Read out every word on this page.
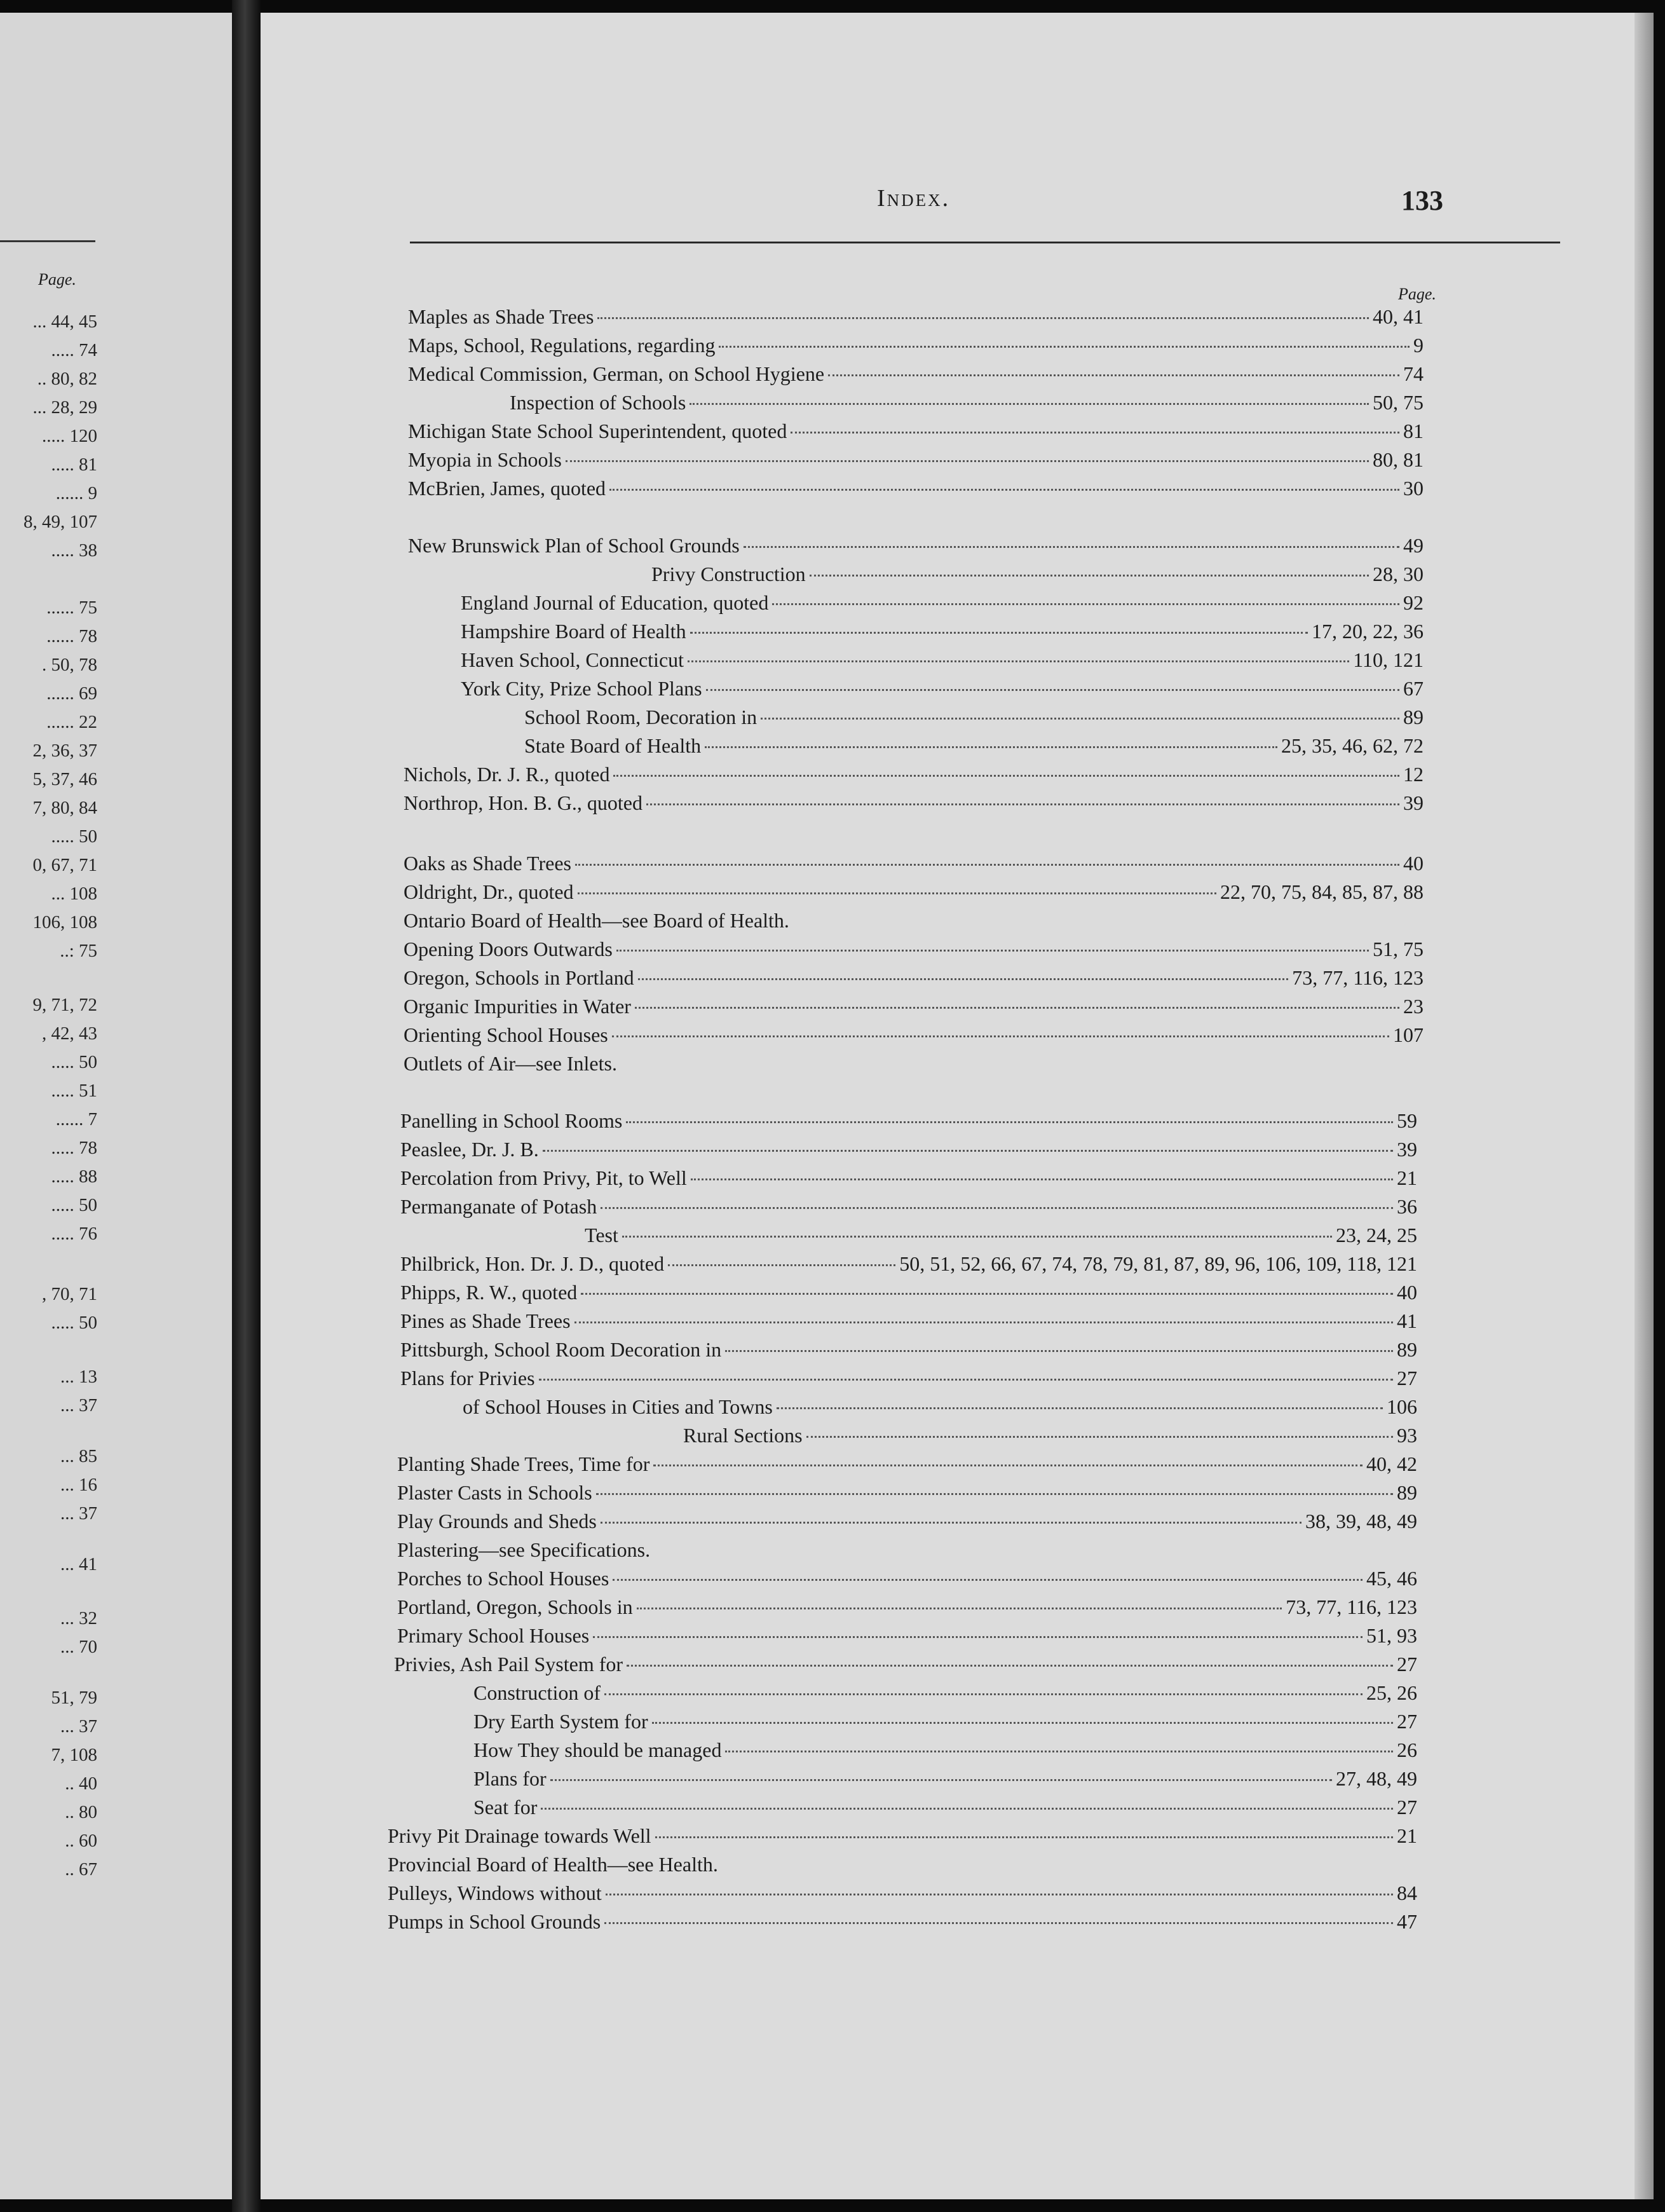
Page.
... 44, 45
..... 74
.. 80, 82
... 28, 29
..... 120
..... 81
...... 9
8, 49, 107
..... 38
...... 75
...... 78
. 50, 78
...... 69
...... 22
2, 36, 37
5, 37, 46
7, 80, 84
..... 50
0, 67, 71
... 108
106, 108
..: 75
9, 71, 72
, 42, 43
..... 50
..... 51
...... 7
..... 78
..... 88
..... 50
..... 76
, 70, 71
..... 50
... 13
... 37
... 85
... 16
... 37
... 41
... 32
... 70
51, 79
... 37
7, 108
.. 40
.. 80
.. 60
.. 67
Index.	133
Page.
Maples as Shade Trees	40, 41
Maps, School, Regulations, regarding	9
Medical Commission, German, on School Hygiene	74
Inspection of Schools	50, 75
Michigan State School Superintendent, quoted	81
Myopia in Schools	80, 81
McBrien, James, quoted	30
New Brunswick Plan of School Grounds	49
Privy Construction	28, 30
England Journal of Education, quoted	92
Hampshire Board of Health	17, 20, 22, 36
Haven School, Connecticut	110, 121
York City, Prize School Plans	67
School Room, Decoration in	89
State Board of Health	25, 35, 46, 62, 72
Nichols, Dr. J. R., quoted	12
Northrop, Hon. B. G., quoted	39
Oaks as Shade Trees	40
Oldright, Dr., quoted	22, 70, 75, 84, 85, 87, 88
Ontario Board of Health—see Board of Health.
Opening Doors Outwards	51, 75
Oregon, Schools in Portland	73, 77, 116, 123
Organic Impurities in Water	23
Orienting School Houses	107
Outlets of Air—see Inlets.
Panelling in School Rooms	59
Peaslee, Dr. J. B.	39
Percolation from Privy, Pit, to Well	21
Permanganate of Potash	36
Test	23, 24, 25
Philbrick, Hon. Dr. J. D., quoted	50, 51, 52, 66, 67, 74, 78, 79, 81, 87, 89, 96, 106, 109, 118, 121
Phipps, R. W., quoted	40
Pines as Shade Trees	41
Pittsburgh, School Room Decoration in	89
Plans for Privies	27
of School Houses in Cities and Towns	106
Rural Sections	93
Planting Shade Trees, Time for	40, 42
Plaster Casts in Schools	89
Play Grounds and Sheds	38, 39, 48, 49
Plastering—see Specifications.
Porches to School Houses	45, 46
Portland, Oregon, Schools in	73, 77, 116, 123
Primary School Houses	51, 93
Privies, Ash Pail System for	27
Construction of	25, 26
Dry Earth System for	27
How They should be managed	26
Plans for	27, 48, 49
Seat for	27
Privy Pit Drainage towards Well	21
Provincial Board of Health—see Health.
Pulleys, Windows without	84
Pumps in School Grounds	47
